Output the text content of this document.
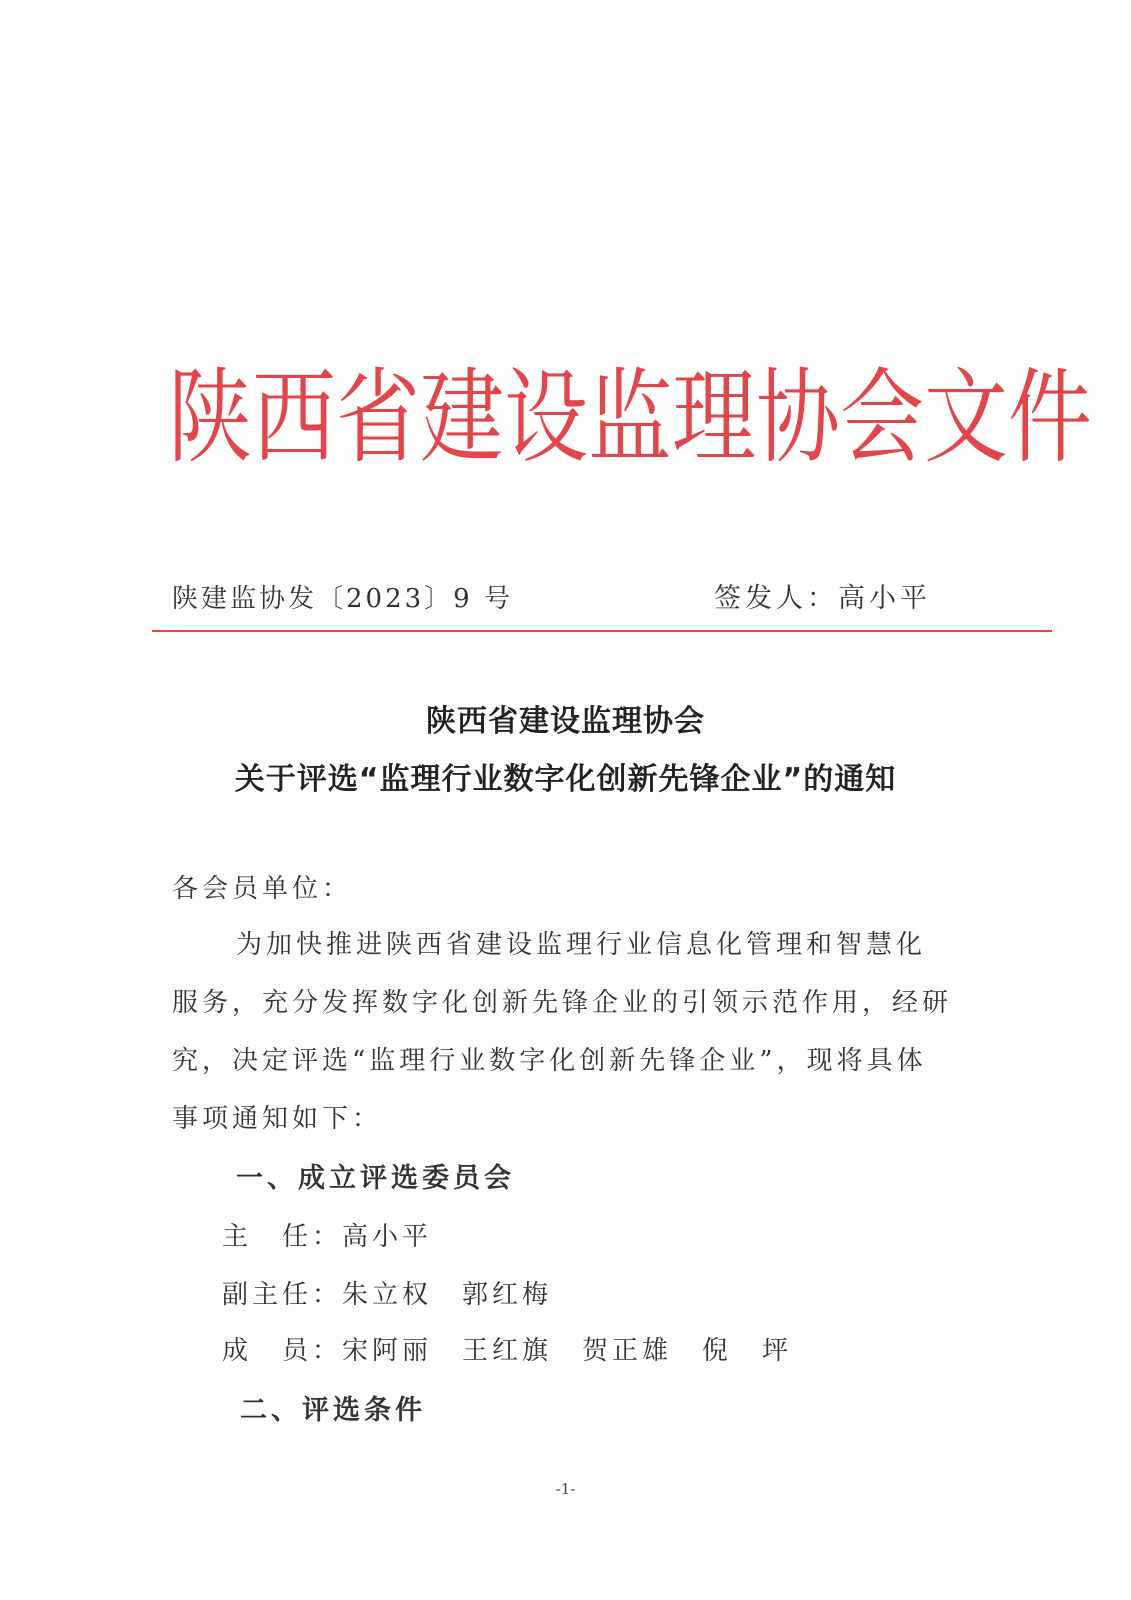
陕西省建设监理协会文件
陕建监协发〔2023〕9 号	签发人：高小平
陕西省建设监理协会
关于评选“监理行业数字化创新先锋企业”的通知
各会员单位：
为加快推进陕西省建设监理行业信息化管理和智慧化
服务，充分发挥数字化创新先锋企业的引领示范作用，经研
究，决定评选“监理行业数字化创新先锋企业”，现将具体
事项通知如下：
一、成立评选委员会
主　任：高小平
副主任：朱立权　郭红梅
成　员：宋阿丽　王红旗　贺正雄　倪　坪
二、评选条件
-1-
